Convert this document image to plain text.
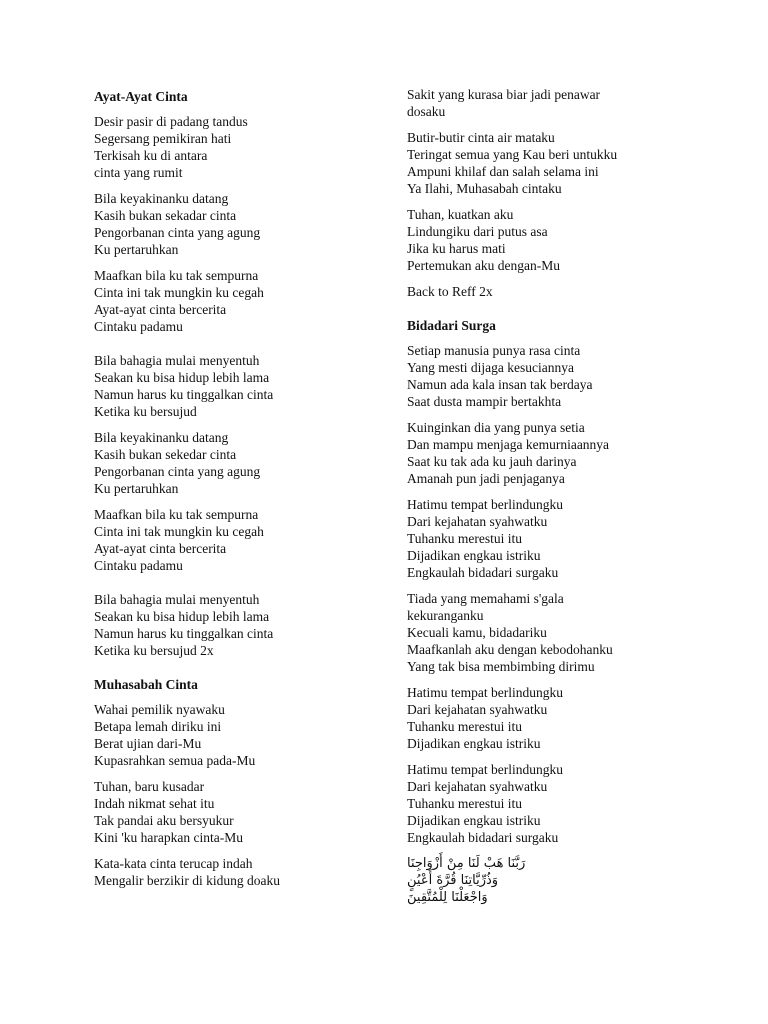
Ayat-Ayat Cinta
Desir pasir di padang tandus
Segersang pemikiran hati
Terkisah ku di antara
cinta yang rumit
Bila keyakinanku datang
Kasih bukan sekadar cinta
Pengorbanan cinta yang agung
Ku pertaruhkan
Maafkan bila ku tak sempurna
Cinta ini tak mungkin ku cegah
Ayat-ayat cinta bercerita
Cintaku padamu
Bila bahagia mulai menyentuh
Seakan ku bisa hidup lebih lama
Namun harus ku tinggalkan cinta
Ketika ku bersujud
Bila keyakinanku datang
Kasih bukan sekedar cinta
Pengorbanan cinta yang agung
Ku pertaruhkan
Maafkan bila ku tak sempurna
Cinta ini tak mungkin ku cegah
Ayat-ayat cinta bercerita
Cintaku padamu
Bila bahagia mulai menyentuh
Seakan ku bisa hidup lebih lama
Namun harus ku tinggalkan cinta
Ketika ku bersujud 2x
Muhasabah Cinta
Wahai pemilik nyawaku
Betapa lemah diriku ini
Berat ujian dari-Mu
Kupasrahkan semua pada-Mu
Tuhan, baru kusadar
Indah nikmat sehat itu
Tak pandai aku bersyukur
Kini 'ku harapkan cinta-Mu
Kata-kata cinta terucap indah
Mengalir berzikir di kidung doaku
Sakit yang kurasa biar jadi penawar
dosaku
Butir-butir cinta air mataku
Teringat semua yang Kau beri untukku
Ampuni khilaf dan salah selama ini
Ya Ilahi, Muhasabah cintaku
Tuhan, kuatkan aku
Lindungiku dari putus asa
Jika ku harus mati
Pertemukan aku dengan-Mu
Back to Reff 2x
Bidadari Surga
Setiap manusia punya rasa cinta
Yang mesti dijaga kesuciannya
Namun ada kala insan tak berdaya
Saat dusta mampir bertakhta
Kuinginkan dia yang punya setia
Dan mampu menjaga kemurniaannya
Saat ku tak ada ku jauh darinya
Amanah pun jadi penjaganya
Hatimu tempat berlindungku
Dari kejahatan syahwatku
Tuhanku merestui itu
Dijadikan engkau istriku
Engkaulah bidadari surgaku
Tiada yang memahami s'gala
kekuranganku
Kecuali kamu, bidadariku
Maafkanlah aku dengan kebodohanku
Yang tak bisa membimbing dirimu
Hatimu tempat berlindungku
Dari kejahatan syahwatku
Tuhanku merestui itu
Dijadikan engkau istriku
Hatimu tempat berlindungku
Dari kejahatan syahwatku
Tuhanku merestui itu
Dijadikan engkau istriku
Engkaulah bidadari surgaku
رَبَّنَا هَبْ لَنَا مِنْ أَزْوَاجِنَا وَذُرِّيَّاتِنَا قُرَّةَ أَعْيُنٍ وَاجْعَلْنَا لِلْمُتَّقِينَ
